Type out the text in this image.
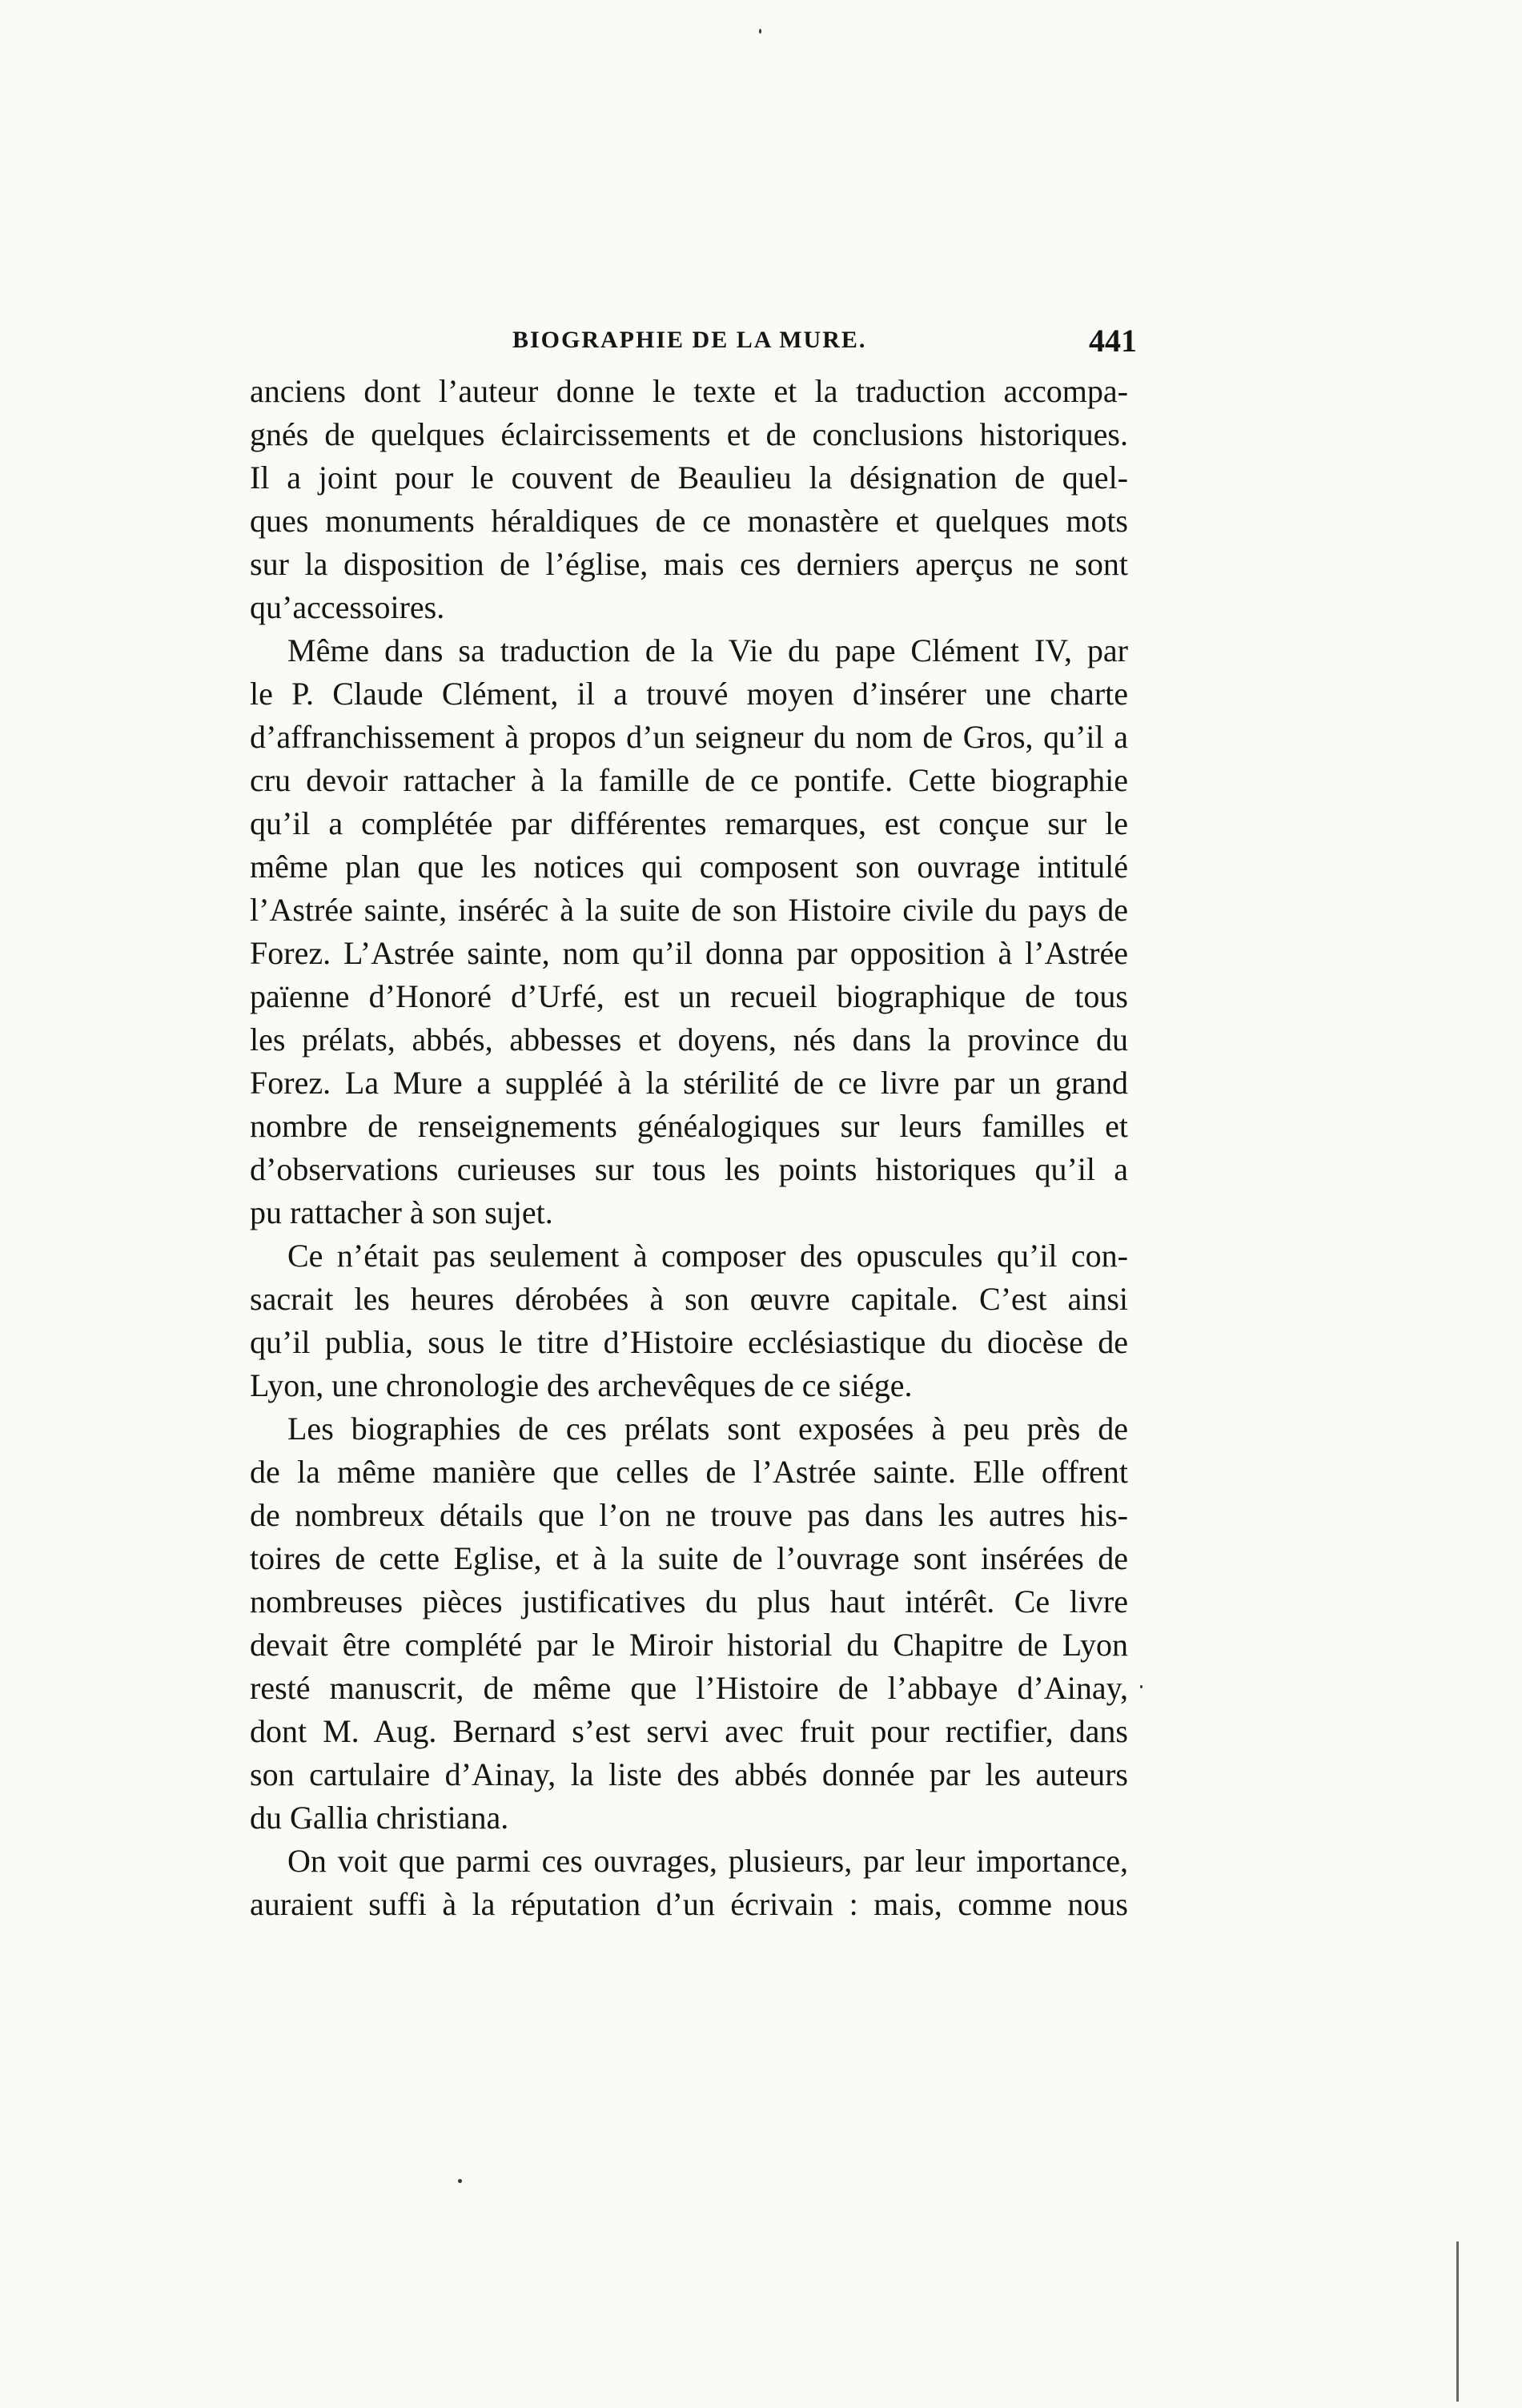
BIOGRAPHIE DE LA MURE.	441
anciens dont l’auteur donne le texte et la traduction accompa-
gnés de quelques éclaircissements et de conclusions historiques.
Il a joint pour le couvent de Beaulieu la désignation de quel-
ques monuments héraldiques de ce monastère et quelques mots
sur la disposition de l’église, mais ces derniers aperçus ne sont
qu’accessoires.
Même dans sa traduction de la Vie du pape Clément IV, par
le P. Claude Clément, il a trouvé moyen d’insérer une charte
d’affranchissement à propos d’un seigneur du nom de Gros, qu’il a
cru devoir rattacher à la famille de ce pontife. Cette biographie
qu’il a complétée par différentes remarques, est conçue sur le
même plan que les notices qui composent son ouvrage intitulé
l’Astrée sainte, inséréc à la suite de son Histoire civile du pays de
Forez. L’Astrée sainte, nom qu’il donna par opposition à l’Astrée
païenne d’Honoré d’Urfé, est un recueil biographique de tous
les prélats, abbés, abbesses et doyens, nés dans la province du
Forez. La Mure a suppléé à la stérilité de ce livre par un grand
nombre de renseignements généalogiques sur leurs familles et
d’observations curieuses sur tous les points historiques qu’il a
pu rattacher à son sujet.
Ce n’était pas seulement à composer des opuscules qu’il con-
sacrait les heures dérobées à son œuvre capitale. C’est ainsi
qu’il publia, sous le titre d’Histoire ecclésiastique du diocèse de
Lyon, une chronologie des archevêques de ce siége.
Les biographies de ces prélats sont exposées à peu près de
de la même manière que celles de l’Astrée sainte. Elle offrent
de nombreux détails que l’on ne trouve pas dans les autres his-
toires de cette Eglise, et à la suite de l’ouvrage sont insérées de
nombreuses pièces justificatives du plus haut intérêt. Ce livre
devait être complété par le Miroir historial du Chapitre de Lyon
resté manuscrit, de même que l’Histoire de l’abbaye d’Ainay,
dont M. Aug. Bernard s’est servi avec fruit pour rectifier, dans
son cartulaire d’Ainay, la liste des abbés donnée par les auteurs
du Gallia christiana.
On voit que parmi ces ouvrages, plusieurs, par leur importance,
auraient suffi à la réputation d’un écrivain : mais, comme nous
